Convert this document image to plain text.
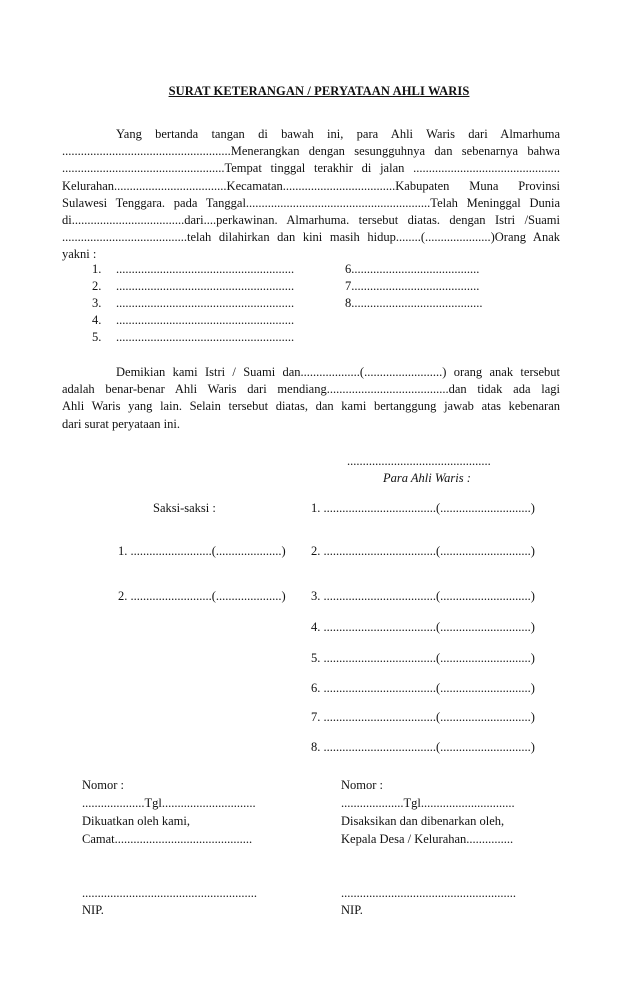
SURAT KETERANGAN / PERYATAAN AHLI WARIS
Yang bertanda tangan di bawah ini, para Ahli Waris dari Almarhuma
......................................................Menerangkan dengan sesungguhnya dan sebenarnya bahwa
....................................................Tempat tinggal terakhir di jalan ...............................................
Kelurahan....................................Kecamatan....................................Kabupaten Muna Provinsi
Sulawesi Tenggara. pada Tanggal...........................................................Telah Meninggal Dunia
di....................................dari....perkawinan. Almarhuma. tersebut diatas. dengan Istri /Suami
........................................telah dilahirkan dan kini masih hidup........(.....................)Orang Anak
yakni :
1. .........................................................
2. .........................................................
3. .........................................................
4. .........................................................
5. .........................................................
6.........................................
7.........................................
8..........................................
Demikian kami Istri / Suami dan...................(.........................) orang anak tersebut
adalah benar-benar Ahli Waris dari mendiang.......................................dan tidak ada lagi
Ahli Waris yang lain. Selain tersebut diatas, dan kami bertanggung jawab atas kebenaran
dari surat peryataan ini.
..............................................
Para Ahli Waris :
Saksi-saksi :
1. ..........................(.....................)
2. ..........................(.....................)
1. ....................................(.............................)
2. ....................................(.............................)
3. ....................................(.............................)
4. ....................................(.............................)
5. ....................................(.............................)
6. ....................................(.............................)
7. ....................................(.............................)
8. ....................................(.............................)
Nomor :
....................Tgl..............................
Dikuatkan oleh kami,
Camat............................................
........................................................
NIP.
Nomor :
....................Tgl..............................
Disaksikan dan dibenarkan oleh,
Kepala Desa / Kelurahan...............
........................................................
NIP.
